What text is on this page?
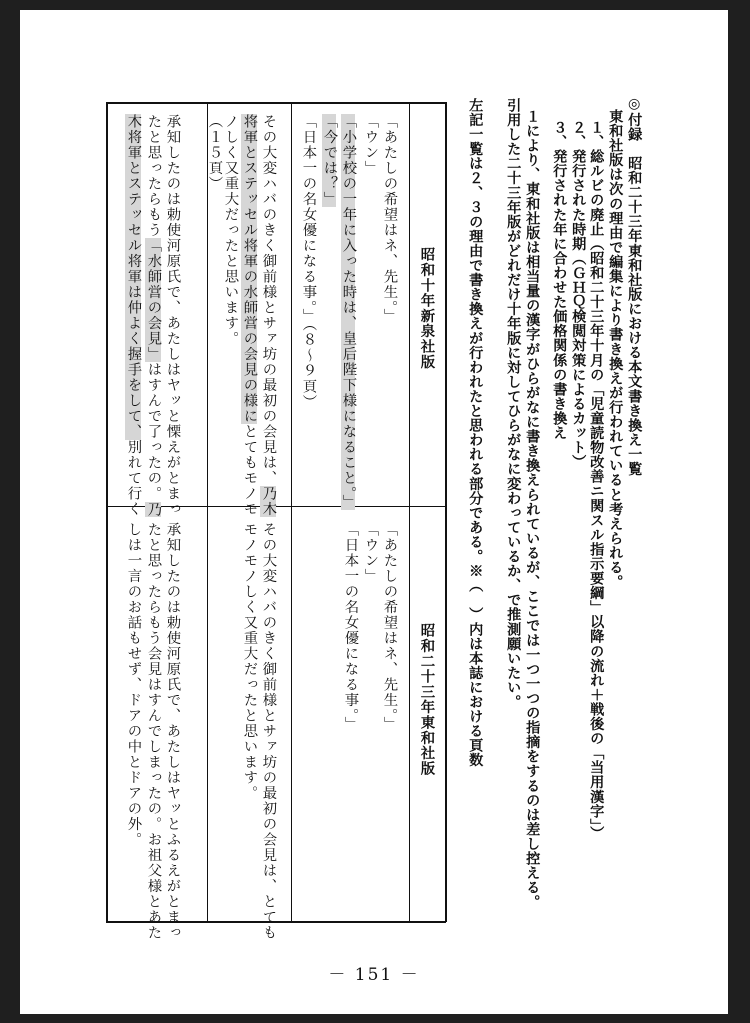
◎付録　昭和二十三年東和社版における本文書き換え一覧
東和社版は次の理由で編集により書き換えが行われていると考えられる。
１、総ルビの廃止（昭和二十三年十月の「児童読物改善ニ関スル指示要綱」以降の流れ＋戦後の「当用漢字」）
２、発行された時期（ＧＨＱ検閲対策によるカット）
３、発行された年に合わせた価格関係の書き換え
１により、東和社版は相当量の漢字がひらがなに書き換えられているが、ここでは一つ一つの指摘をするのは差し控える。
引用した二十三年版がどれだけ十年版に対してひらがなに変わっているか、で推測願いたい。
左記一覧は２、３の理由で書き換えが行われたと思われる部分である。※（　）内は本誌における頁数
昭和十年新泉社版
昭和二十三年東和社版
「あたしの希望はネ、先生。」
「ウン」
「小学校の一年に入った時は、皇后陛下様になること。」
「今では？」
「日本一の名女優になる事。」（８〜９頁）
「あたしの希望はネ、先生。」
「ウン」
「日本一の名女優になる事。」
その大変ハバのきく御前様とサァ坊の最初の会見は、乃木
将軍とステッセル将軍の水師営の会見の様にとてもモノモ
ノしく又重大だったと思います。
（１５頁）
その大変ハバのきく御前様とサァ坊の最初の会見は、とても
モノモノしく又重大だったと思います。
承知したのは勅使河原氏で、あたしはヤッと慄えがとまっ
たと思ったらもう「水師営の会見」はすんで了ったの。乃
木将軍とステッセル将軍は仲よく握手をして、別れて行く
承知したのは勅使河原氏で、あたしはヤッとふるえがとまっ
たと思ったらもう会見はすんでしまったの。お祖父様とあた
しは一言のお話もせず、ドアの中とドアの外。
－ 151 －
